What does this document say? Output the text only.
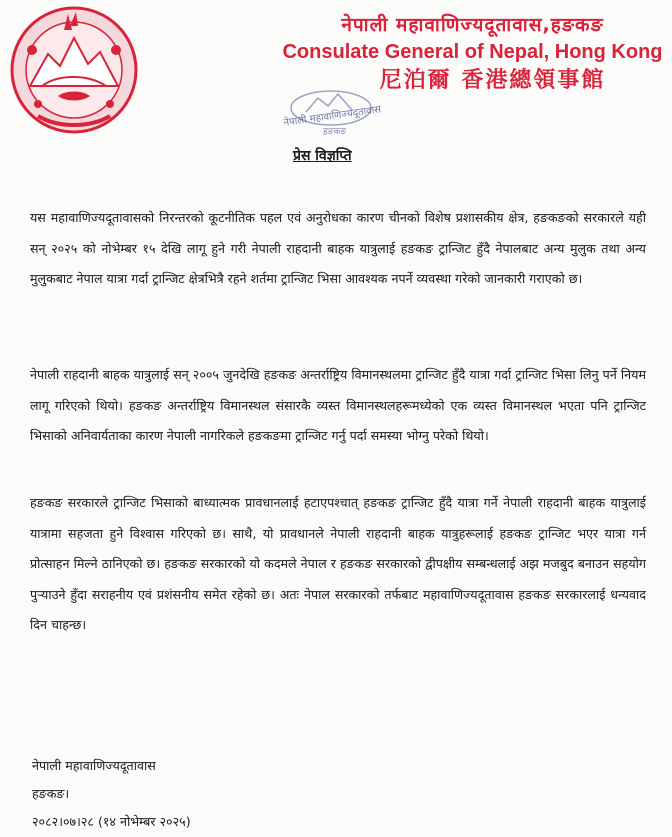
नेपाली महावाणिज्यदूतावास,हङकङ
Consulate General of Nepal, Hong Kong
尼泊爾 香港總領事館
नेपाली महावाणिज्यदूतावास
हङकङ
प्रेस विज्ञप्ति

यस महावाणिज्यदूतावासको निरन्तरको कूटनीतिक पहल एवं अनुरोधका कारण चीनको विशेष प्रशासकीय क्षेत्र, हङकङको सरकारले यही सन् २०२५ को नोभेम्बर १५ देखि लागू हुने गरी नेपाली राहदानी बाहक यात्रुलाई हङकङ ट्रान्जिट हुँदै नेपालबाट अन्य मुलुक तथा अन्य मुलुकबाट नेपाल यात्रा गर्दा ट्रान्जिट क्षेत्रभित्रै रहने शर्तमा ट्रान्जिट भिसा आवश्यक नपर्ने व्यवस्था गरेको जानकारी गराएको छ।

नेपाली राहदानी बाहक यात्रुलाई सन् २००५ जुनदेखि हङकङ अन्तर्राष्ट्रिय विमानस्थलमा ट्रान्जिट हुँदै यात्रा गर्दा ट्रान्जिट भिसा लिनु पर्ने नियम लागू गरिएको थियो। हङकङ अन्तर्राष्ट्रिय विमानस्थल संसारकै व्यस्त विमानस्थलहरूमध्येको एक व्यस्त विमानस्थल भएता पनि ट्रान्जिट भिसाको अनिवार्यताका कारण नेपाली नागरिकले हङकङमा ट्रान्जिट गर्नु पर्दा समस्या भोग्नु परेको थियो।

हङकङ सरकारले ट्रान्जिट भिसाको बाध्यात्मक प्रावधानलाई हटाएपश्चात् हङकङ ट्रान्जिट हुँदै यात्रा गर्ने नेपाली राहदानी बाहक यात्रुलाई यात्रामा सहजता हुने विश्वास गरिएको छ। साथै, यो प्रावधानले नेपाली राहदानी बाहक यात्रुहरूलाई हङकङ ट्रान्जिट भएर यात्रा गर्न प्रोत्साहन मिल्ने ठानिएको छ। हङकङ सरकारको यो कदमले नेपाल र हङकङ सरकारको द्वीपक्षीय सम्बन्धलाई अझ मजबुद बनाउन सहयोग पुर्‍याउने हुँदा सराहनीय एवं प्रशंसनीय समेत रहेको छ। अतः नेपाल सरकारको तर्फबाट महावाणिज्यदूतावास हङकङ सरकारलाई धन्यवाद दिन चाहन्छ।

नेपाली महावाणिज्यदूतावास
हङकङ।
२०८२।०७।२८ (१४ नोभेम्बर २०२५)
